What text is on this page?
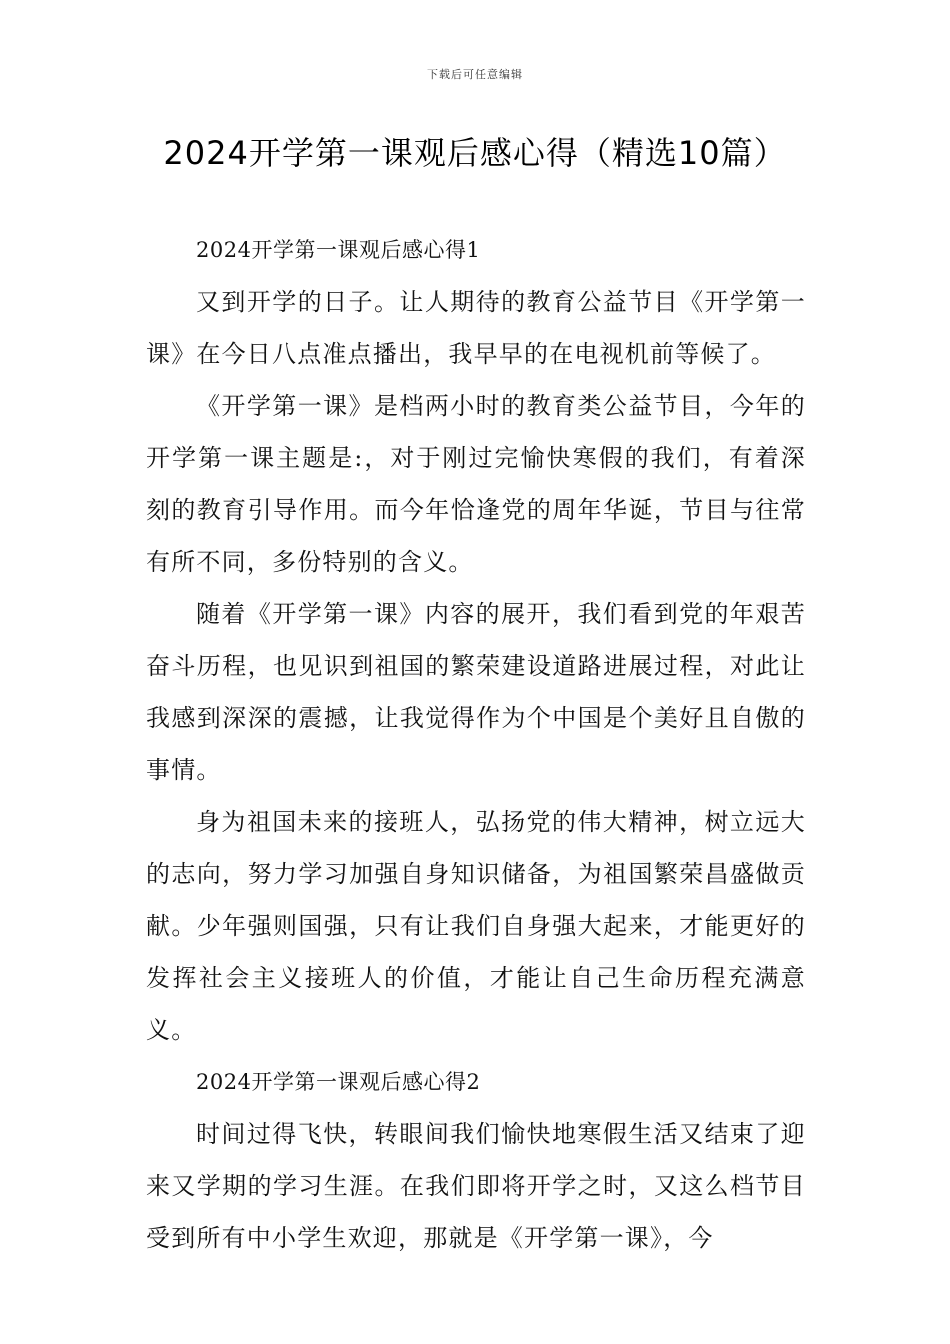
下载后可任意编辑
2024开学第一课观后感心得（精选10篇）

2024开学第一课观后感心得1

又到开学的日子。让人期待的教育公益节目《开学第一课》在今日八点准点播出，我早早的在电视机前等候了。

《开学第一课》是档两小时的教育类公益节目，今年的开学第一课主题是:，对于刚过完愉快寒假的我们，有着深刻的教育引导作用。而今年恰逢党的周年华诞，节目与往常有所不同，多份特别的含义。

随着《开学第一课》内容的展开，我们看到党的年艰苦奋斗历程，也见识到祖国的繁荣建设道路进展过程，对此让我感到深深的震撼，让我觉得作为个中国是个美好且自傲的事情。

身为祖国未来的接班人，弘扬党的伟大精神，树立远大的志向，努力学习加强自身知识储备，为祖国繁荣昌盛做贡献。少年强则国强，只有让我们自身强大起来，才能更好的发挥社会主义接班人的价值，才能让自己生命历程充满意义。

2024开学第一课观后感心得2

时间过得飞快，转眼间我们愉快地寒假生活又结束了迎来又学期的学习生涯。在我们即将开学之时，又这么档节目受到所有中小学生欢迎，那就是《开学第一课》，今
